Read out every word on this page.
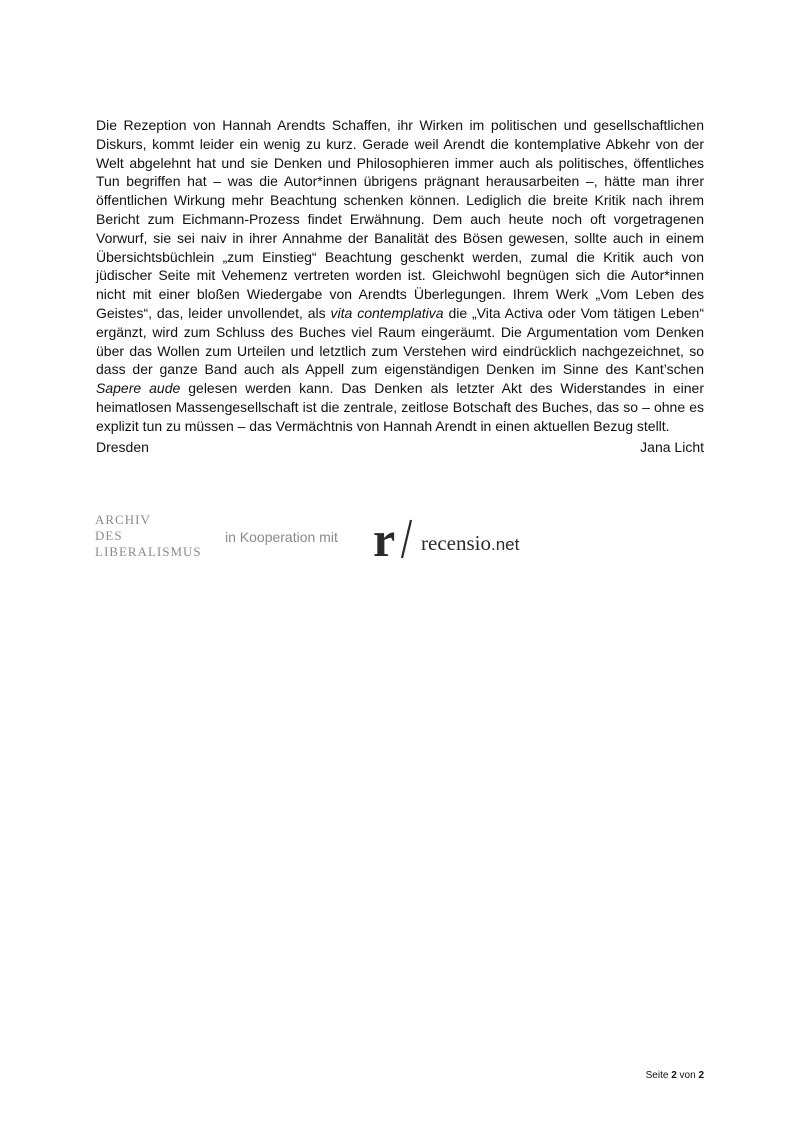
Die Rezeption von Hannah Arendts Schaffen, ihr Wirken im politischen und gesellschaftlichen Diskurs, kommt leider ein wenig zu kurz. Gerade weil Arendt die kontemplative Abkehr von der Welt abgelehnt hat und sie Denken und Philosophieren immer auch als politisches, öffentliches Tun begriffen hat – was die Autor*innen übrigens prägnant herausarbeiten –, hätte man ihrer öffentlichen Wirkung mehr Beachtung schenken können. Lediglich die breite Kritik nach ihrem Bericht zum Eichmann-Prozess findet Erwähnung. Dem auch heute noch oft vorgetragenen Vorwurf, sie sei naiv in ihrer Annahme der Banalität des Bösen gewesen, sollte auch in einem Übersichtsbüchlein „zum Einstieg“ Beachtung geschenkt werden, zumal die Kritik auch von jüdischer Seite mit Vehemenz vertreten worden ist. Gleichwohl begnügen sich die Autor*innen nicht mit einer bloßen Wiedergabe von Arendts Überlegungen. Ihrem Werk „Vom Leben des Geistes“, das, leider unvollendet, als vita contemplativa die „Vita Activa oder Vom tätigen Leben“ ergänzt, wird zum Schluss des Buches viel Raum eingeräumt. Die Argumentation vom Denken über das Wollen zum Urteilen und letztlich zum Verstehen wird eindrücklich nachgezeichnet, so dass der ganze Band auch als Appell zum eigenständigen Denken im Sinne des Kant’schen Sapere aude gelesen werden kann. Das Denken als letzter Akt des Widerstandes in einer heimatlosen Massengesellschaft ist die zentrale, zeitlose Botschaft des Buches, das so – ohne es explizit tun zu müssen – das Vermächtnis von Hannah Arendt in einen aktuellen Bezug stellt.

Dresden	Jana Licht
ARCHIV
DES
LIBERALISMUS
in Kooperation mit r recensio.net
Seite 2 von 2
